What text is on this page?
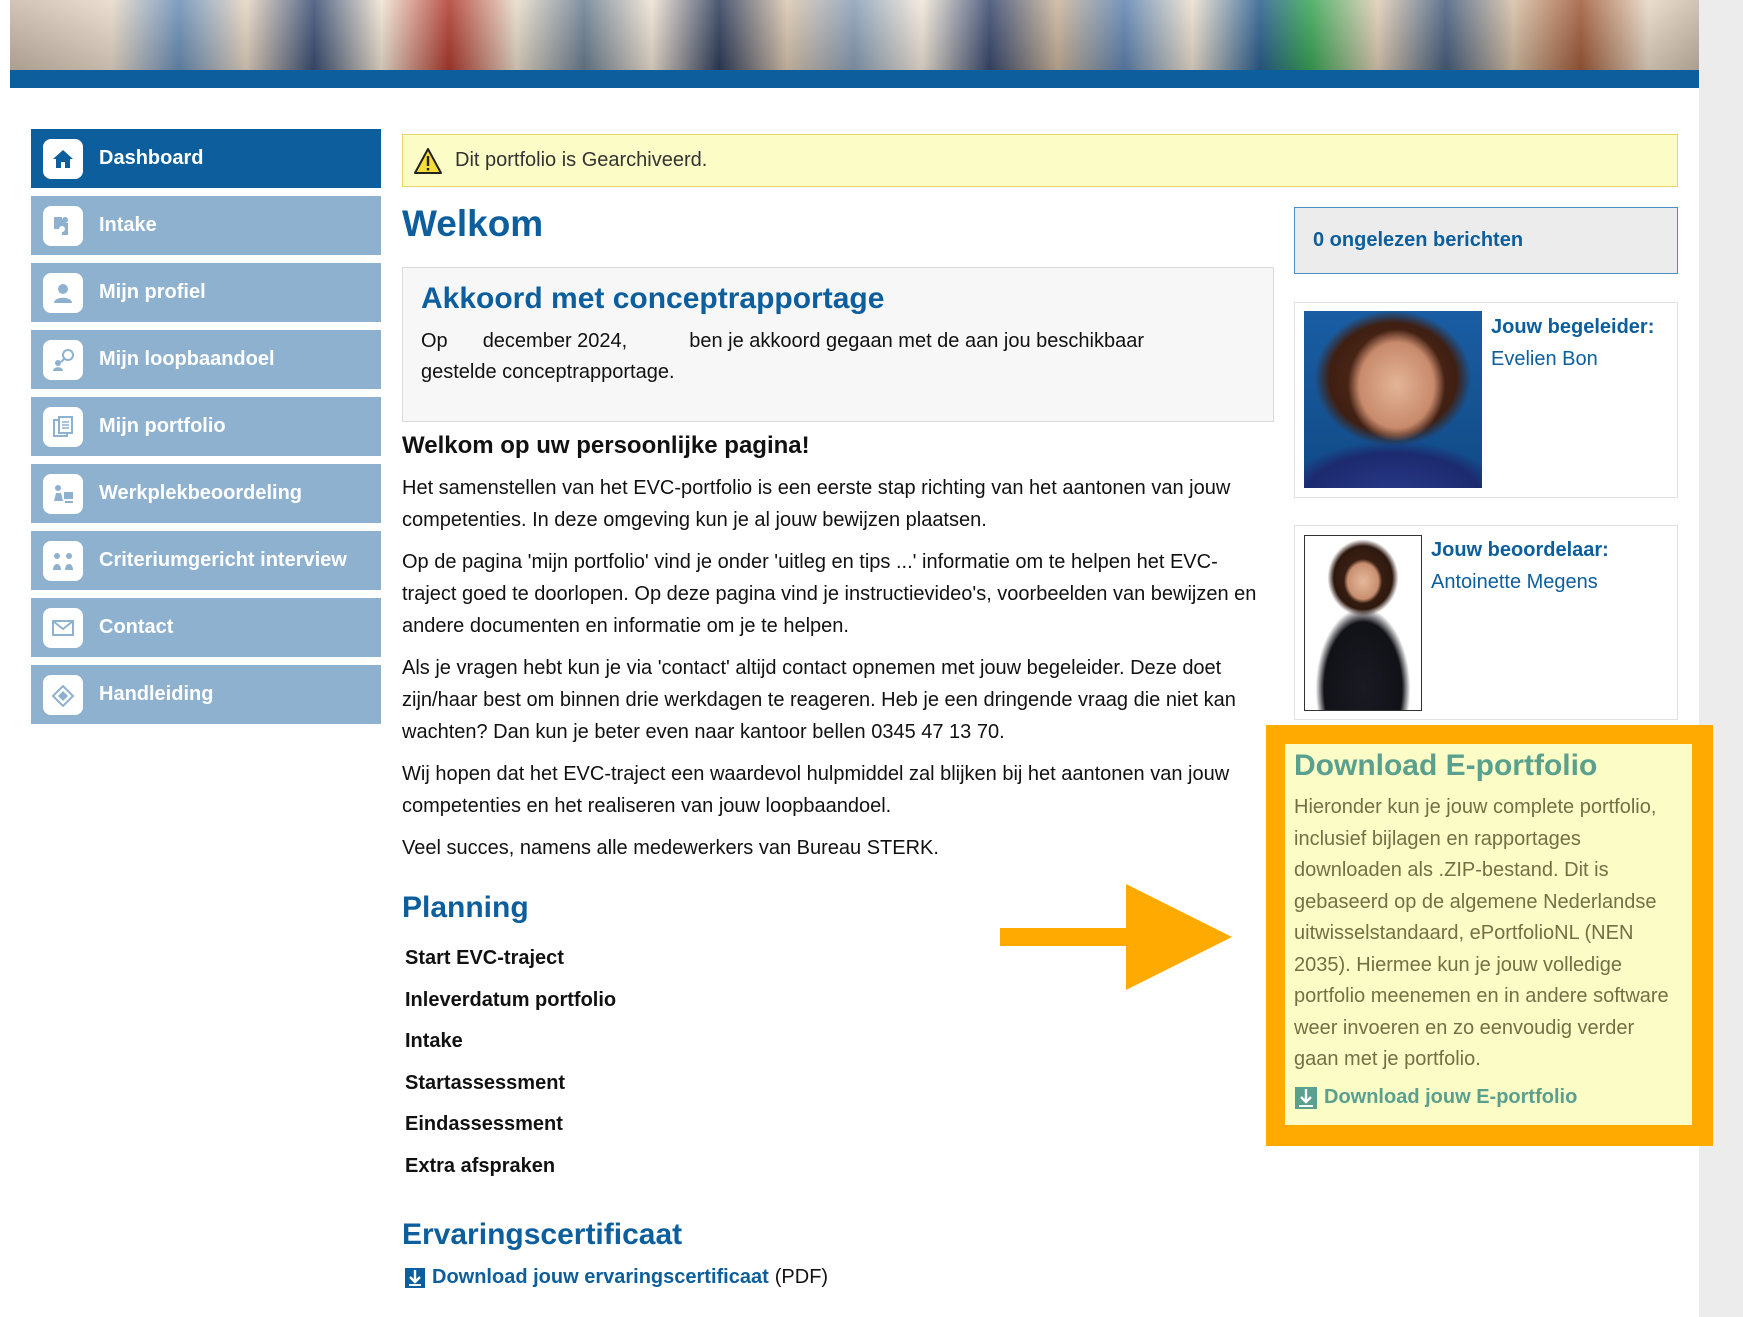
Dashboard
Intake
Mijn profiel
Mijn loopbaandoel
Mijn portfolio
Werkplekbeoordeling
Criteriumgericht interview
Contact
Handleiding
Dit portfolio is Gearchiveerd.
Welkom
Akkoord met conceptrapportage

Op december 2024,	ben je akkoord gegaan met de aan jou beschikbaar
gestelde conceptrapportage.

Welkom op uw persoonlijke pagina!

Het samenstellen van het EVC-portfolio is een eerste stap richting van het aantonen van jouw competenties. In deze omgeving kun je al jouw bewijzen plaatsen.

Op de pagina 'mijn portfolio' vind je onder 'uitleg en tips ...' informatie om te helpen het EVC-traject goed te doorlopen. Op deze pagina vind je instructievideo's, voorbeelden van bewijzen en andere documenten en informatie om je te helpen.

Als je vragen hebt kun je via 'contact' altijd contact opnemen met jouw begeleider. Deze doet zijn/haar best om binnen drie werkdagen te reageren. Heb je een dringende vraag die niet kan wachten? Dan kun je beter even naar kantoor bellen 0345 47 13 70.

Wij hopen dat het EVC-traject een waardevol hulpmiddel zal blijken bij het aantonen van jouw competenties en het realiseren van jouw loopbaandoel.

Veel succes, namens alle medewerkers van Bureau STERK.

Planning
Start EVC-traject
Inleverdatum portfolio
Intake
Startassessment
Eindassessment
Extra afspraken
Ervaringscertificaat
Download jouw ervaringscertificaat (PDF)
0 ongelezen berichten
Jouw begeleider:
Evelien Bon
Jouw beoordelaar:
Antoinette Megens
Download E-portfolio

Hieronder kun je jouw complete portfolio, inclusief bijlagen en rapportages downloaden als .ZIP-bestand. Dit is gebaseerd op de algemene Nederlandse uitwisselstandaard, ePortfolioNL (NEN 2035). Hiermee kun je jouw volledige portfolio meenemen en in andere software weer invoeren en zo eenvoudig verder gaan met je portfolio.

Download jouw E-portfolio
